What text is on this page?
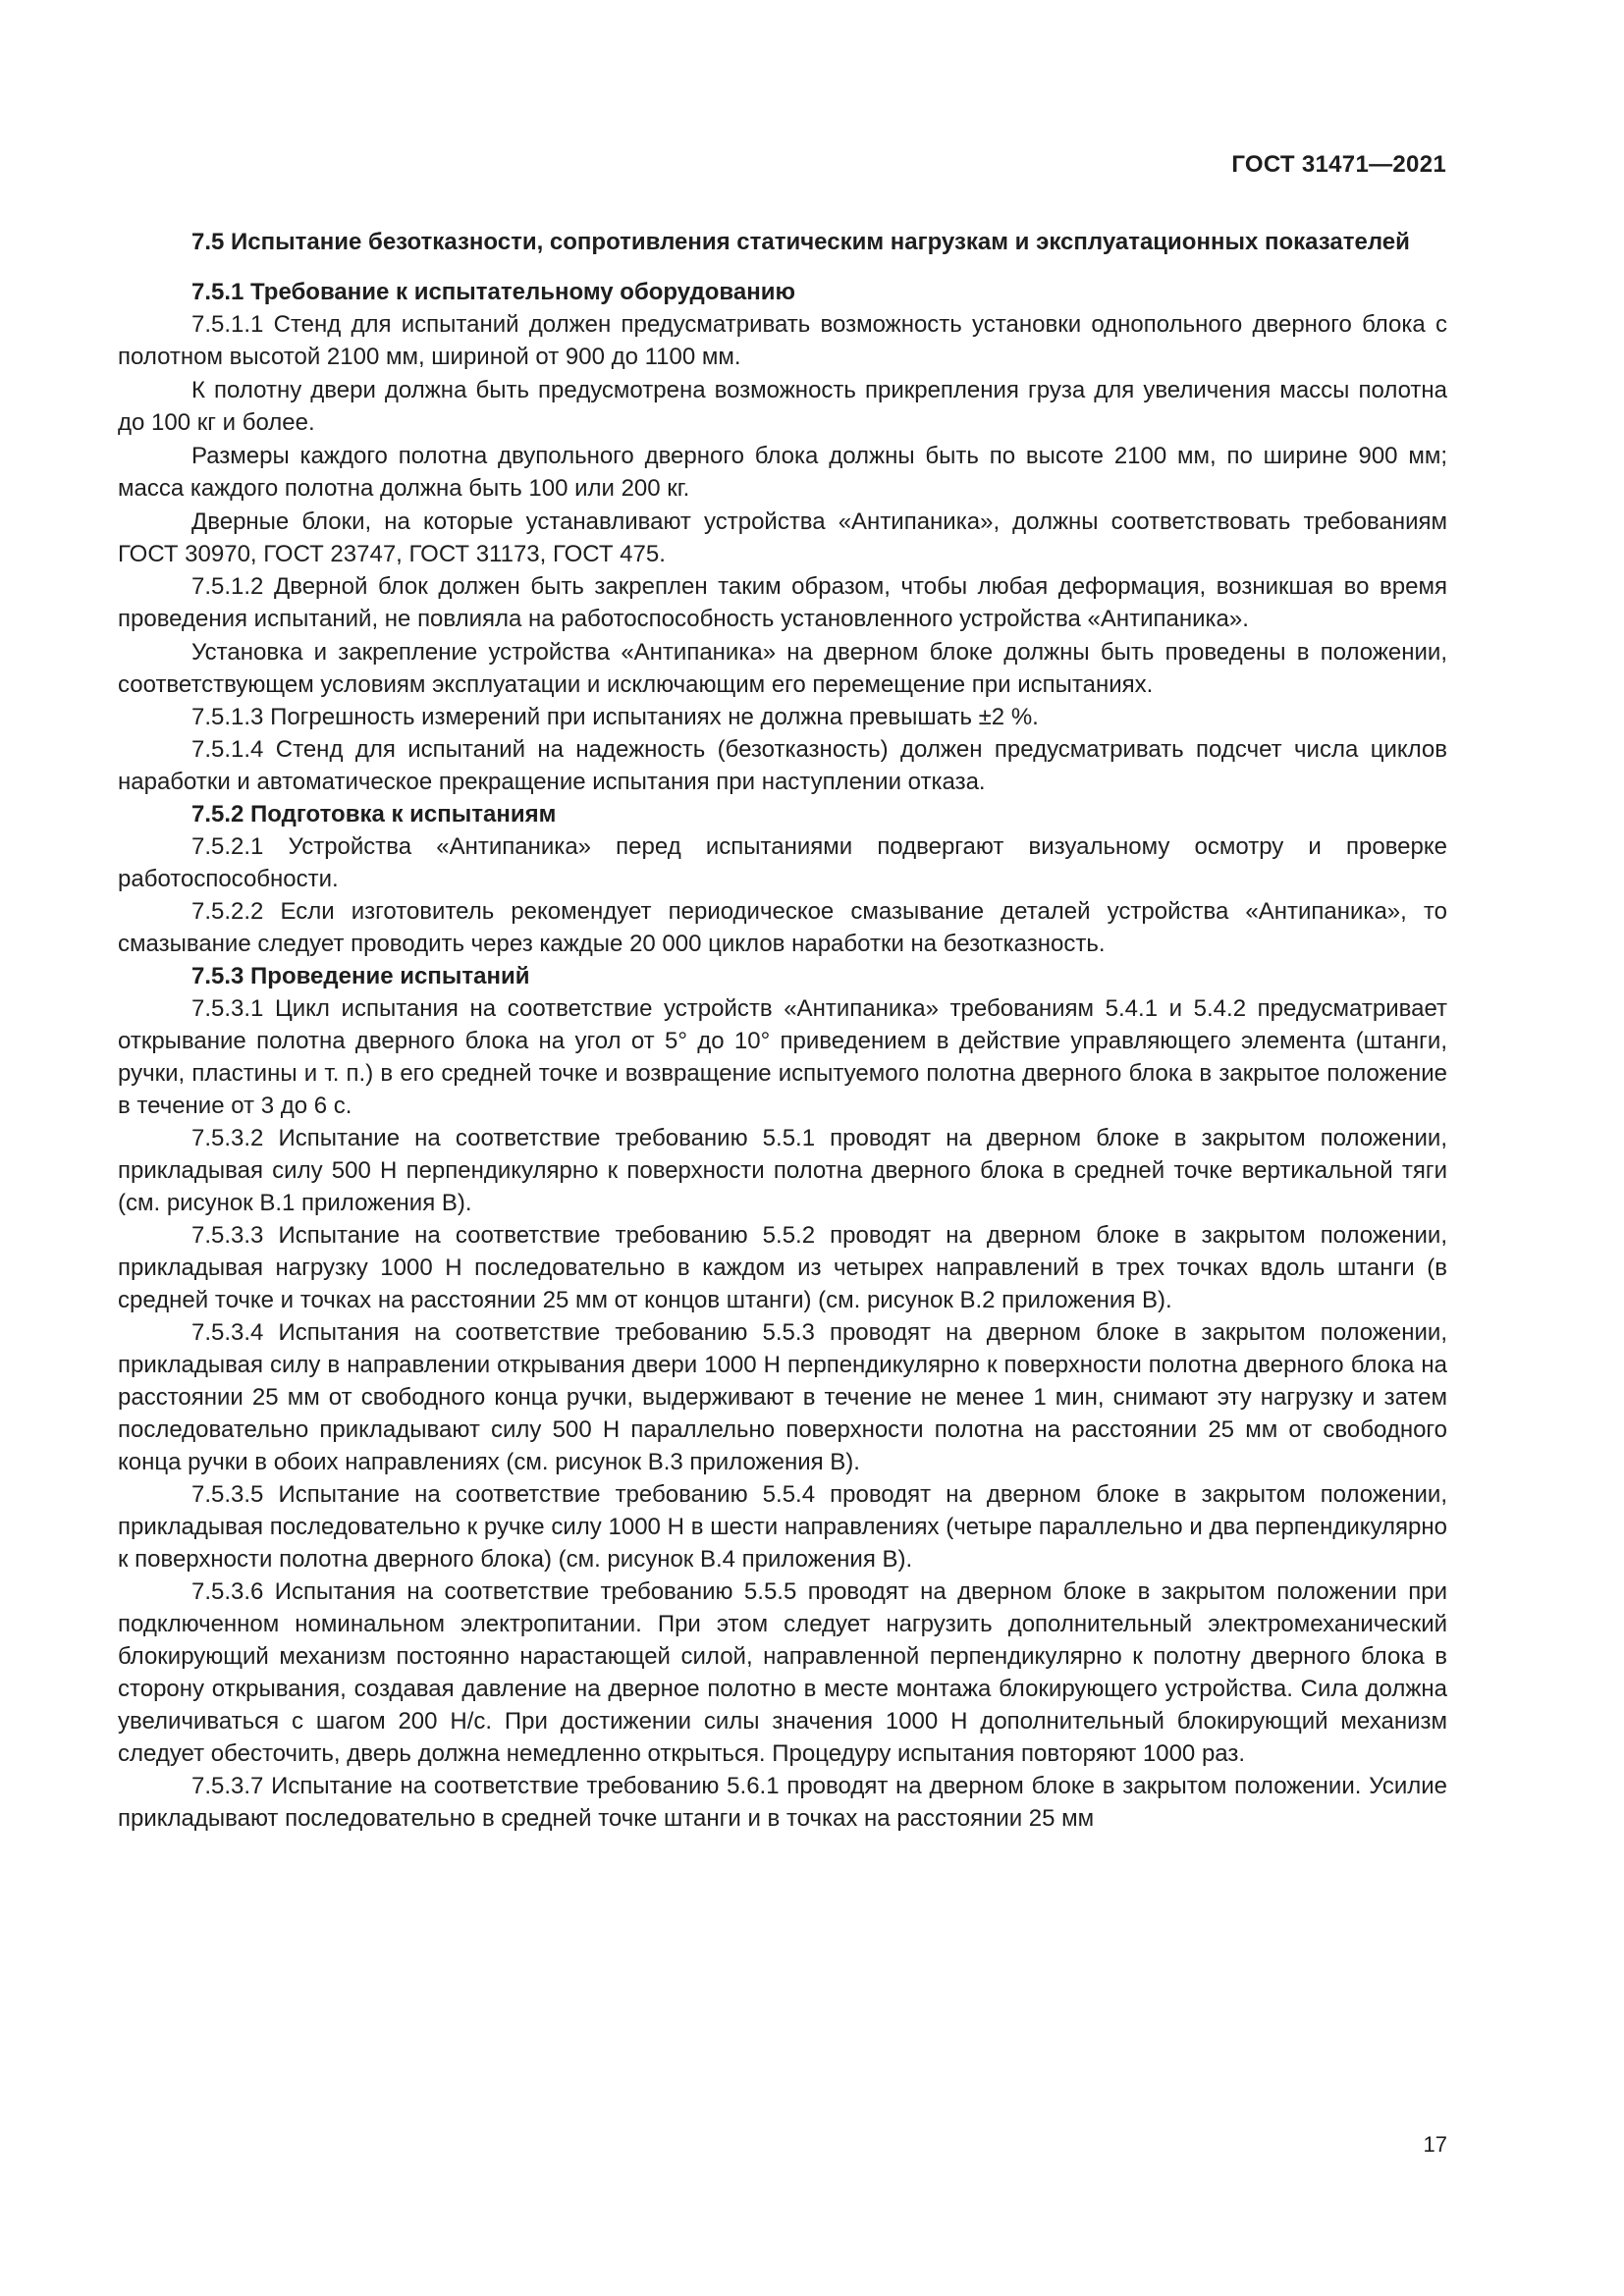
ГОСТ 31471—2021

7.5 Испытание безотказности, сопротивления статическим нагрузкам и эксплуатационных показателей

7.5.1 Требование к испытательному оборудованию

7.5.1.1 Стенд для испытаний должен предусматривать возможность установки однопольного дверного блока с полотном высотой 2100 мм, шириной от 900 до 1100 мм.

К полотну двери должна быть предусмотрена возможность прикрепления груза для увеличения массы полотна до 100 кг и более.

Размеры каждого полотна двупольного дверного блока должны быть по высоте 2100 мм, по ширине 900 мм; масса каждого полотна должна быть 100 или 200 кг.

Дверные блоки, на которые устанавливают устройства «Антипаника», должны соответствовать требованиям ГОСТ 30970, ГОСТ 23747, ГОСТ 31173, ГОСТ 475.

7.5.1.2 Дверной блок должен быть закреплен таким образом, чтобы любая деформация, возникшая во время проведения испытаний, не повлияла на работоспособность установленного устройства «Антипаника».

Установка и закрепление устройства «Антипаника» на дверном блоке должны быть проведены в положении, соответствующем условиям эксплуатации и исключающим его перемещение при испытаниях.

7.5.1.3 Погрешность измерений при испытаниях не должна превышать ±2 %.

7.5.1.4 Стенд для испытаний на надежность (безотказность) должен предусматривать подсчет числа циклов наработки и автоматическое прекращение испытания при наступлении отказа.

7.5.2 Подготовка к испытаниям

7.5.2.1 Устройства «Антипаника» перед испытаниями подвергают визуальному осмотру и проверке работоспособности.

7.5.2.2 Если изготовитель рекомендует периодическое смазывание деталей устройства «Антипаника», то смазывание следует проводить через каждые 20 000 циклов наработки на безотказность.

7.5.3 Проведение испытаний

7.5.3.1 Цикл испытания на соответствие устройств «Антипаника» требованиям 5.4.1 и 5.4.2 предусматривает открывание полотна дверного блока на угол от 5° до 10° приведением в действие управляющего элемента (штанги, ручки, пластины и т. п.) в его средней точке и возвращение испытуемого полотна дверного блока в закрытое положение в течение от 3 до 6 с.

7.5.3.2 Испытание на соответствие требованию 5.5.1 проводят на дверном блоке в закрытом положении, прикладывая силу 500 Н перпендикулярно к поверхности полотна дверного блока в средней точке вертикальной тяги (см. рисунок В.1 приложения В).

7.5.3.3 Испытание на соответствие требованию 5.5.2 проводят на дверном блоке в закрытом положении, прикладывая нагрузку 1000 Н последовательно в каждом из четырех направлений в трех точках вдоль штанги (в средней точке и точках на расстоянии 25 мм от концов штанги) (см. рисунок В.2 приложения В).

7.5.3.4 Испытания на соответствие требованию 5.5.3 проводят на дверном блоке в закрытом положении, прикладывая силу в направлении открывания двери 1000 Н перпендикулярно к поверхности полотна дверного блока на расстоянии 25 мм от свободного конца ручки, выдерживают в течение не менее 1 мин, снимают эту нагрузку и затем последовательно прикладывают силу 500 Н параллельно поверхности полотна на расстоянии 25 мм от свободного конца ручки в обоих направлениях (см. рисунок В.3 приложения В).

7.5.3.5 Испытание на соответствие требованию 5.5.4 проводят на дверном блоке в закрытом положении, прикладывая последовательно к ручке силу 1000 Н в шести направлениях (четыре параллельно и два перпендикулярно к поверхности полотна дверного блока) (см. рисунок В.4 приложения В).

7.5.3.6 Испытания на соответствие требованию 5.5.5 проводят на дверном блоке в закрытом положении при подключенном номинальном электропитании. При этом следует нагрузить дополнительный электромеханический блокирующий механизм постоянно нарастающей силой, направленной перпендикулярно к полотну дверного блока в сторону открывания, создавая давление на дверное полотно в месте монтажа блокирующего устройства. Сила должна увеличиваться с шагом 200 Н/с. При достижении силы значения 1000 Н дополнительный блокирующий механизм следует обесточить, дверь должна немедленно открыться. Процедуру испытания повторяют 1000 раз.

7.5.3.7 Испытание на соответствие требованию 5.6.1 проводят на дверном блоке в закрытом положении. Усилие прикладывают последовательно в средней точке штанги и в точках на расстоянии 25 мм

17
